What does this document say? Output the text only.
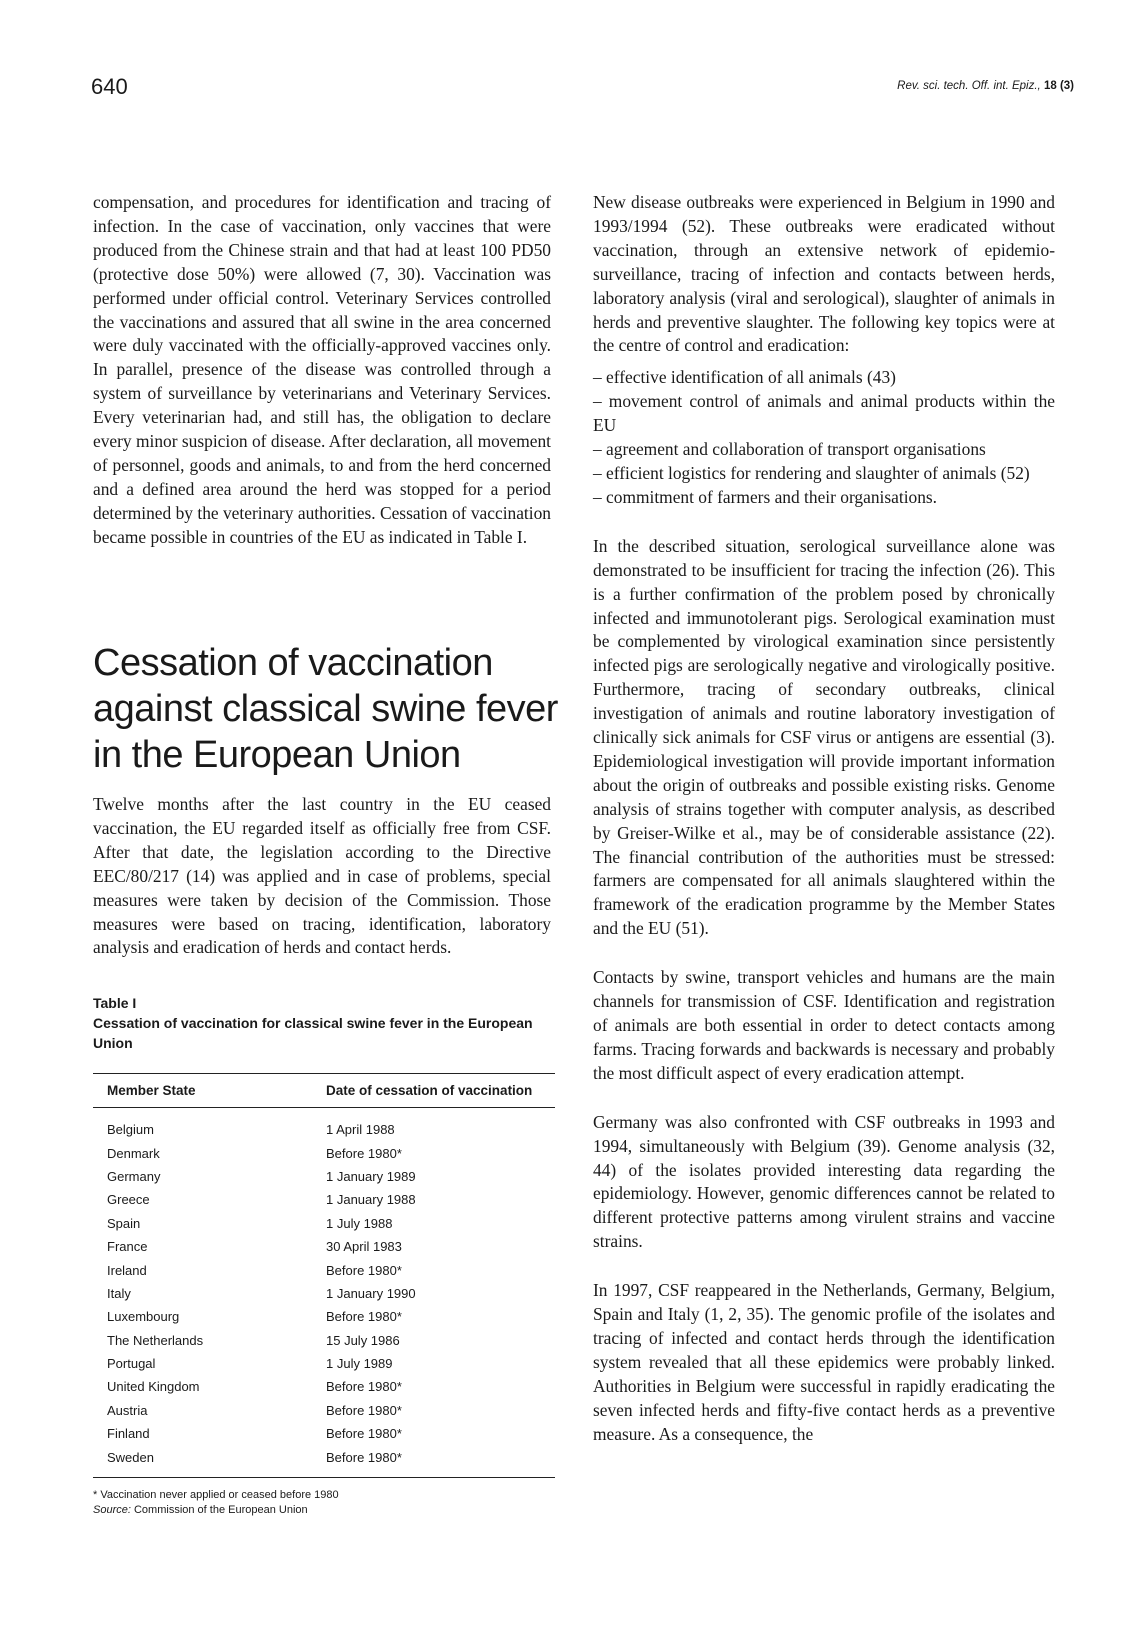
640	Rev. sci. tech. Off. int. Epiz., 18 (3)

compensation, and procedures for identification and tracing of infection. In the case of vaccination, only vaccines that were produced from the Chinese strain and that had at least 100 PD50 (protective dose 50%) were allowed (7, 30). Vaccination was performed under official control. Veterinary Services controlled the vaccinations and assured that all swine in the area concerned were duly vaccinated with the officially-approved vaccines only. In parallel, presence of the disease was controlled through a system of surveillance by veterinarians and Veterinary Services. Every veterinarian had, and still has, the obligation to declare every minor suspicion of disease. After declaration, all movement of personnel, goods and animals, to and from the herd concerned and a defined area around the herd was stopped for a period determined by the veterinary authorities. Cessation of vaccination became possible in countries of the EU as indicated in Table I.

Cessation of vaccination against classical swine fever in the European Union

Twelve months after the last country in the EU ceased vaccination, the EU regarded itself as officially free from CSF. After that date, the legislation according to the Directive EEC/80/217 (14) was applied and in case of problems, special measures were taken by decision of the Commission. Those measures were based on tracing, identification, laboratory analysis and eradication of herds and contact herds.

Table I
Cessation of vaccination for classical swine fever in the European Union
Member State	Date of cessation of vaccination
Belgium	1 April 1988
Denmark	Before 1980*
Germany	1 January 1989
Greece	1 January 1988
Spain	1 July 1988
France	30 April 1983
Ireland	Before 1980*
Italy	1 January 1990
Luxembourg	Before 1980*
The Netherlands	15 July 1986
Portugal	1 July 1989
United Kingdom	Before 1980*
Austria	Before 1980*
Finland	Before 1980*
Sweden	Before 1980*
* Vaccination never applied or ceased before 1980
Source: Commission of the European Union

New disease outbreaks were experienced in Belgium in 1990 and 1993/1994 (52). These outbreaks were eradicated without vaccination, through an extensive network of epidemio-surveillance, tracing of infection and contacts between herds, laboratory analysis (viral and serological), slaughter of animals in herds and preventive slaughter. The following key topics were at the centre of control and eradication:

– effective identification of all animals (43)
– movement control of animals and animal products within the EU
– agreement and collaboration of transport organisations
– efficient logistics for rendering and slaughter of animals (52)
– commitment of farmers and their organisations.

In the described situation, serological surveillance alone was demonstrated to be insufficient for tracing the infection (26). This is a further confirmation of the problem posed by chronically infected and immunotolerant pigs. Serological examination must be complemented by virological examination since persistently infected pigs are serologically negative and virologically positive. Furthermore, tracing of secondary outbreaks, clinical investigation of animals and routine laboratory investigation of clinically sick animals for CSF virus or antigens are essential (3). Epidemiological investigation will provide important information about the origin of outbreaks and possible existing risks. Genome analysis of strains together with computer analysis, as described by Greiser-Wilke et al., may be of considerable assistance (22). The financial contribution of the authorities must be stressed: farmers are compensated for all animals slaughtered within the framework of the eradication programme by the Member States and the EU (51).

Contacts by swine, transport vehicles and humans are the main channels for transmission of CSF. Identification and registration of animals are both essential in order to detect contacts among farms. Tracing forwards and backwards is necessary and probably the most difficult aspect of every eradication attempt.

Germany was also confronted with CSF outbreaks in 1993 and 1994, simultaneously with Belgium (39). Genome analysis (32, 44) of the isolates provided interesting data regarding the epidemiology. However, genomic differences cannot be related to different protective patterns among virulent strains and vaccine strains.

In 1997, CSF reappeared in the Netherlands, Germany, Belgium, Spain and Italy (1, 2, 35). The genomic profile of the isolates and tracing of infected and contact herds through the identification system revealed that all these epidemics were probably linked. Authorities in Belgium were successful in rapidly eradicating the seven infected herds and fifty-five contact herds as a preventive measure. As a consequence, the
